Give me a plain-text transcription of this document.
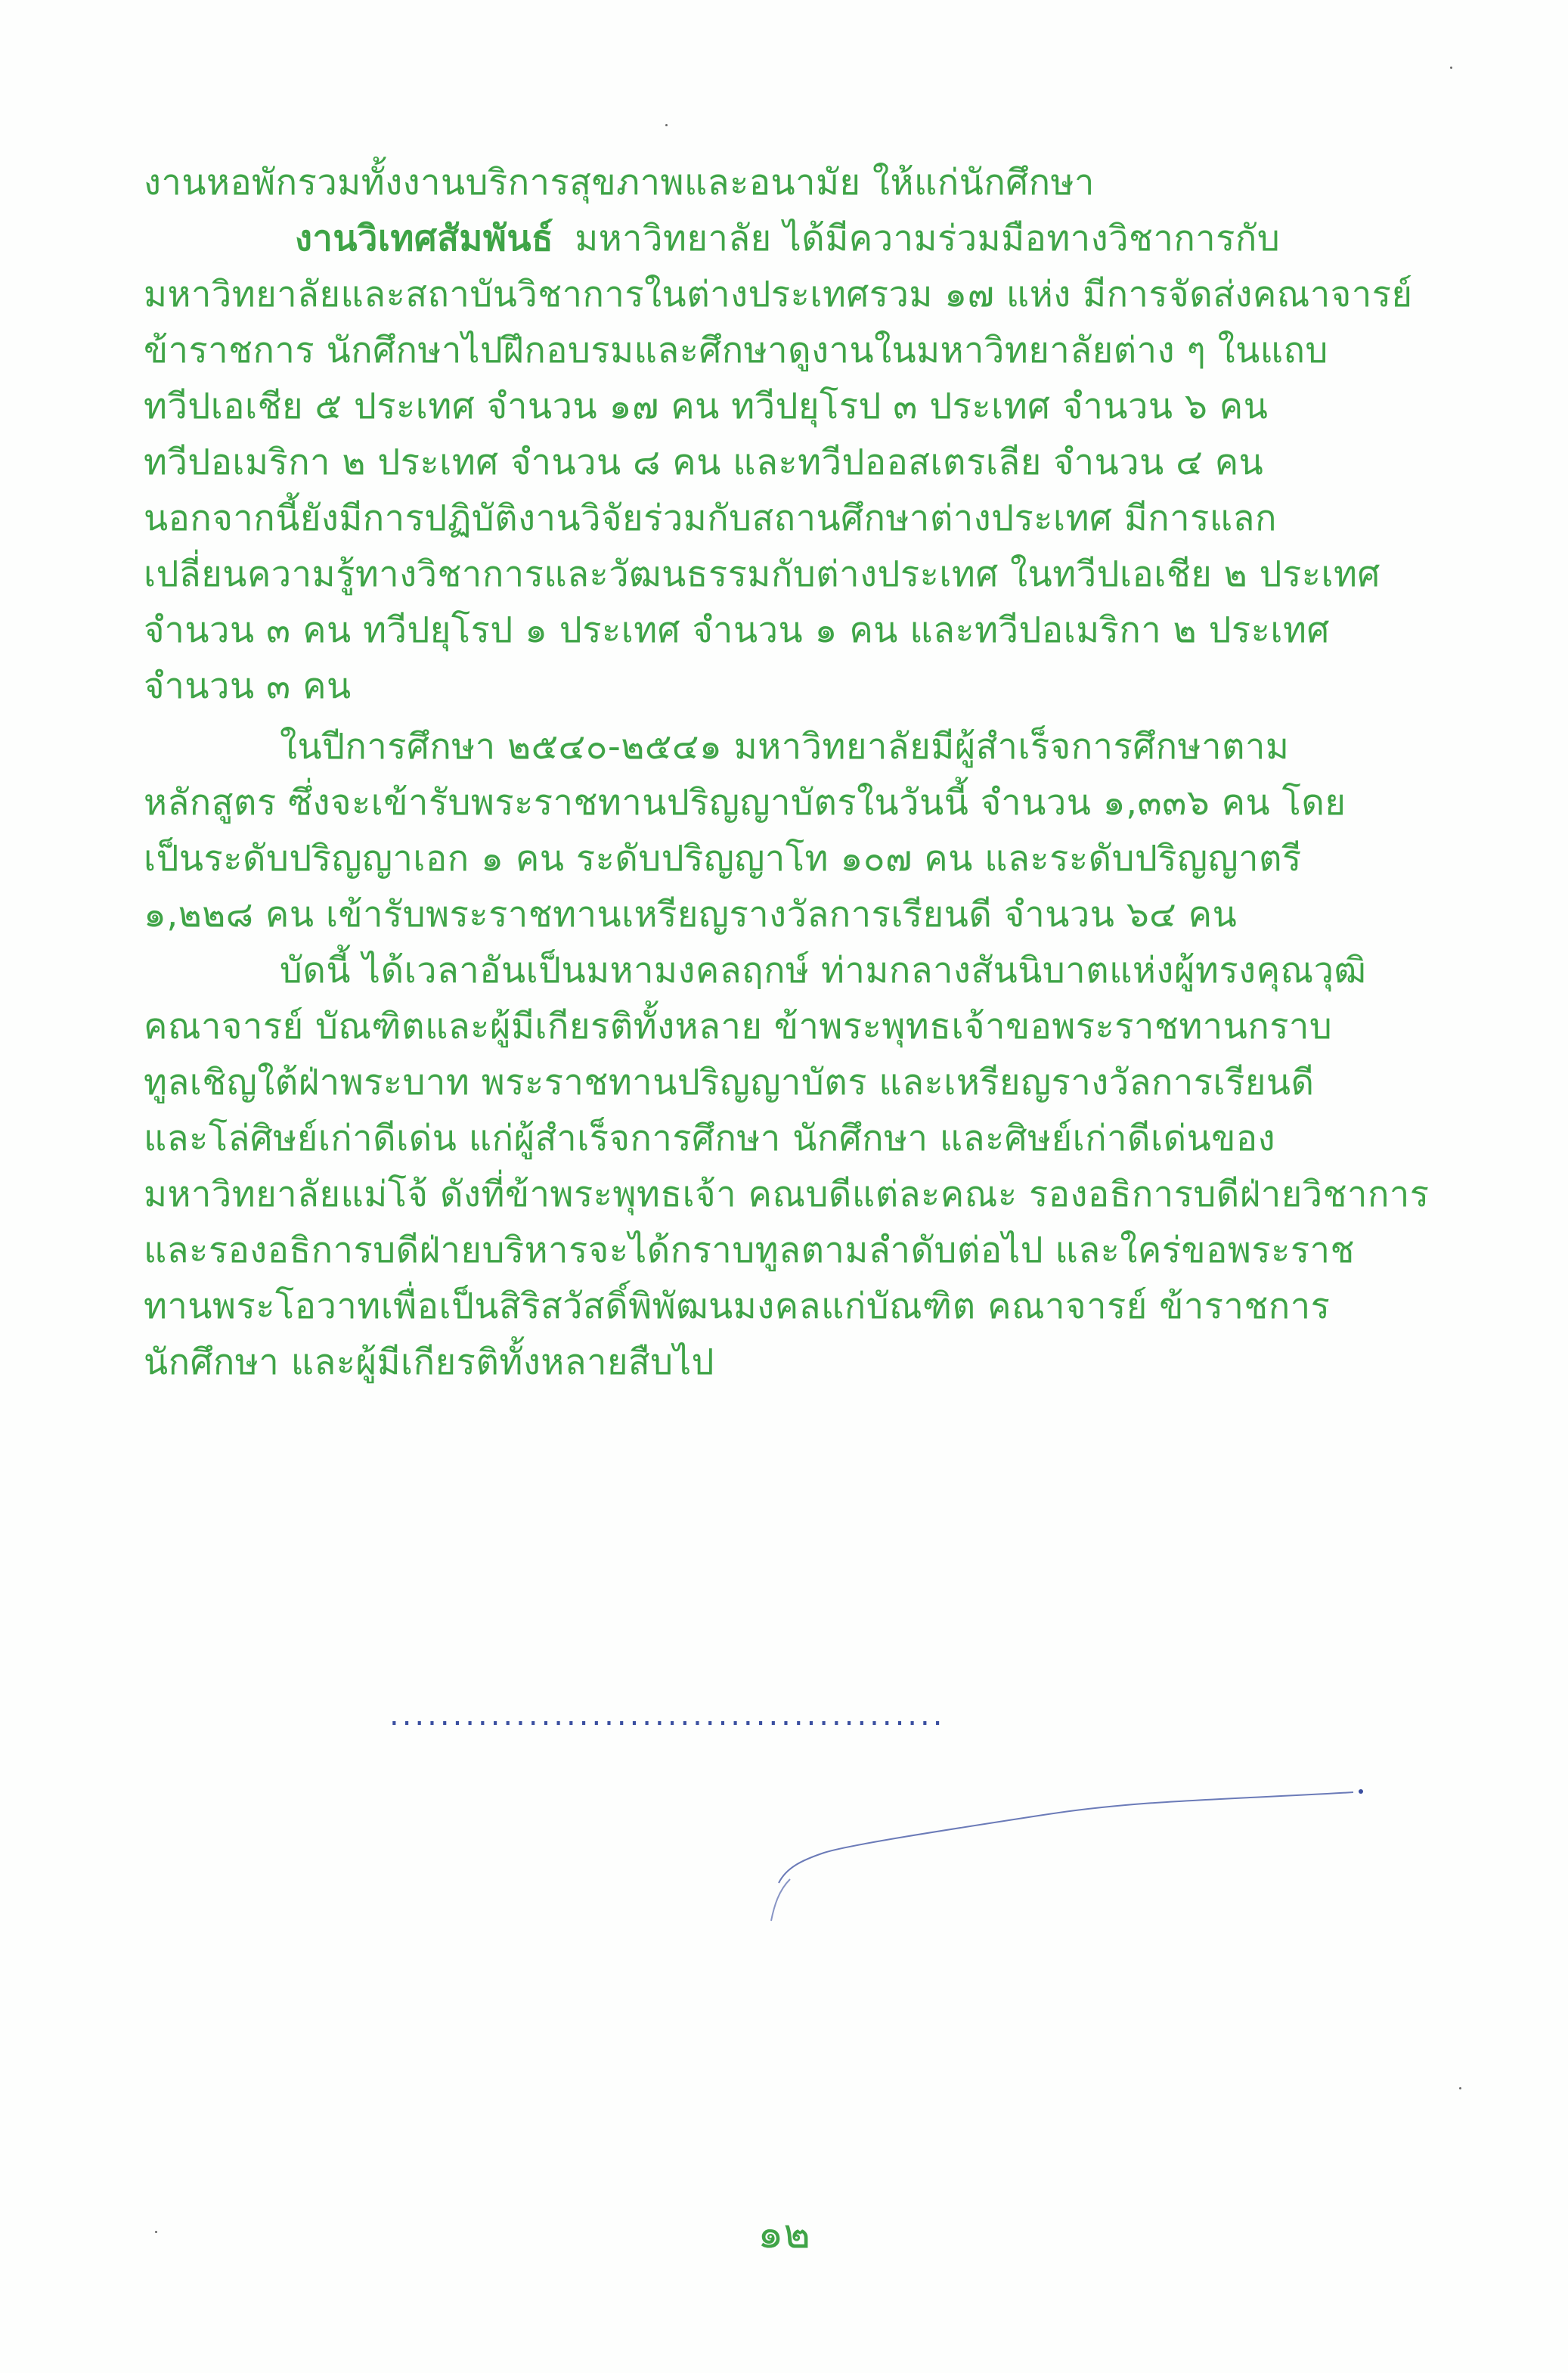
งานหอพักรวมทั้งงานบริการสุขภาพและอนามัย ให้แก่นักศึกษา
งานวิเทศสัมพันธ์ มหาวิทยาลัย ได้มีความร่วมมือทางวิชาการกับ
มหาวิทยาลัยและสถาบันวิชาการในต่างประเทศรวม ๑๗ แห่ง มีการจัดส่งคณาจารย์
ข้าราชการ นักศึกษาไปฝึกอบรมและศึกษาดูงานในมหาวิทยาลัยต่าง ๆ ในแถบ
ทวีปเอเชีย ๕ ประเทศ จำนวน ๑๗ คน ทวีปยุโรป ๓ ประเทศ จำนวน ๖ คน
ทวีปอเมริกา ๒ ประเทศ จำนวน ๘ คน และทวีปออสเตรเลีย จำนวน ๔ คน
นอกจากนี้ยังมีการปฏิบัติงานวิจัยร่วมกับสถานศึกษาต่างประเทศ มีการแลก
เปลี่ยนความรู้ทางวิชาการและวัฒนธรรมกับต่างประเทศ ในทวีปเอเชีย ๒ ประเทศ
จำนวน ๓ คน ทวีปยุโรป ๑ ประเทศ จำนวน ๑ คน และทวีปอเมริกา ๒ ประเทศ
จำนวน ๓ คน
ในปีการศึกษา ๒๕๔๐-๒๕๔๑ มหาวิทยาลัยมีผู้สำเร็จการศึกษาตาม
หลักสูตร ซึ่งจะเข้ารับพระราชทานปริญญาบัตรในวันนี้ จำนวน ๑,๓๓๖ คน โดย
เป็นระดับปริญญาเอก ๑ คน ระดับปริญญาโท ๑๐๗ คน และระดับปริญญาตรี
๑,๒๒๘ คน เข้ารับพระราชทานเหรียญรางวัลการเรียนดี จำนวน ๖๔ คน
บัดนี้ ได้เวลาอันเป็นมหามงคลฤกษ์ ท่ามกลางสันนิบาตแห่งผู้ทรงคุณวุฒิ
คณาจารย์ บัณฑิตและผู้มีเกียรติทั้งหลาย ข้าพระพุทธเจ้าขอพระราชทานกราบ
ทูลเชิญใต้ฝ่าพระบาท พระราชทานปริญญาบัตร และเหรียญรางวัลการเรียนดี
และโล่ศิษย์เก่าดีเด่น แก่ผู้สำเร็จการศึกษา นักศึกษา และศิษย์เก่าดีเด่นของ
มหาวิทยาลัยแม่โจ้ ดังที่ข้าพระพุทธเจ้า คณบดีแต่ละคณะ รองอธิการบดีฝ่ายวิชาการ
และรองอธิการบดีฝ่ายบริหารจะได้กราบทูลตามลำดับต่อไป และใคร่ขอพระราช
ทานพระโอวาทเพื่อเป็นสิริสวัสดิ์พิพัฒนมงคลแก่บัณฑิต คณาจารย์ ข้าราชการ
นักศึกษา และผู้มีเกียรติทั้งหลายสืบไป
............................................
๑๒
